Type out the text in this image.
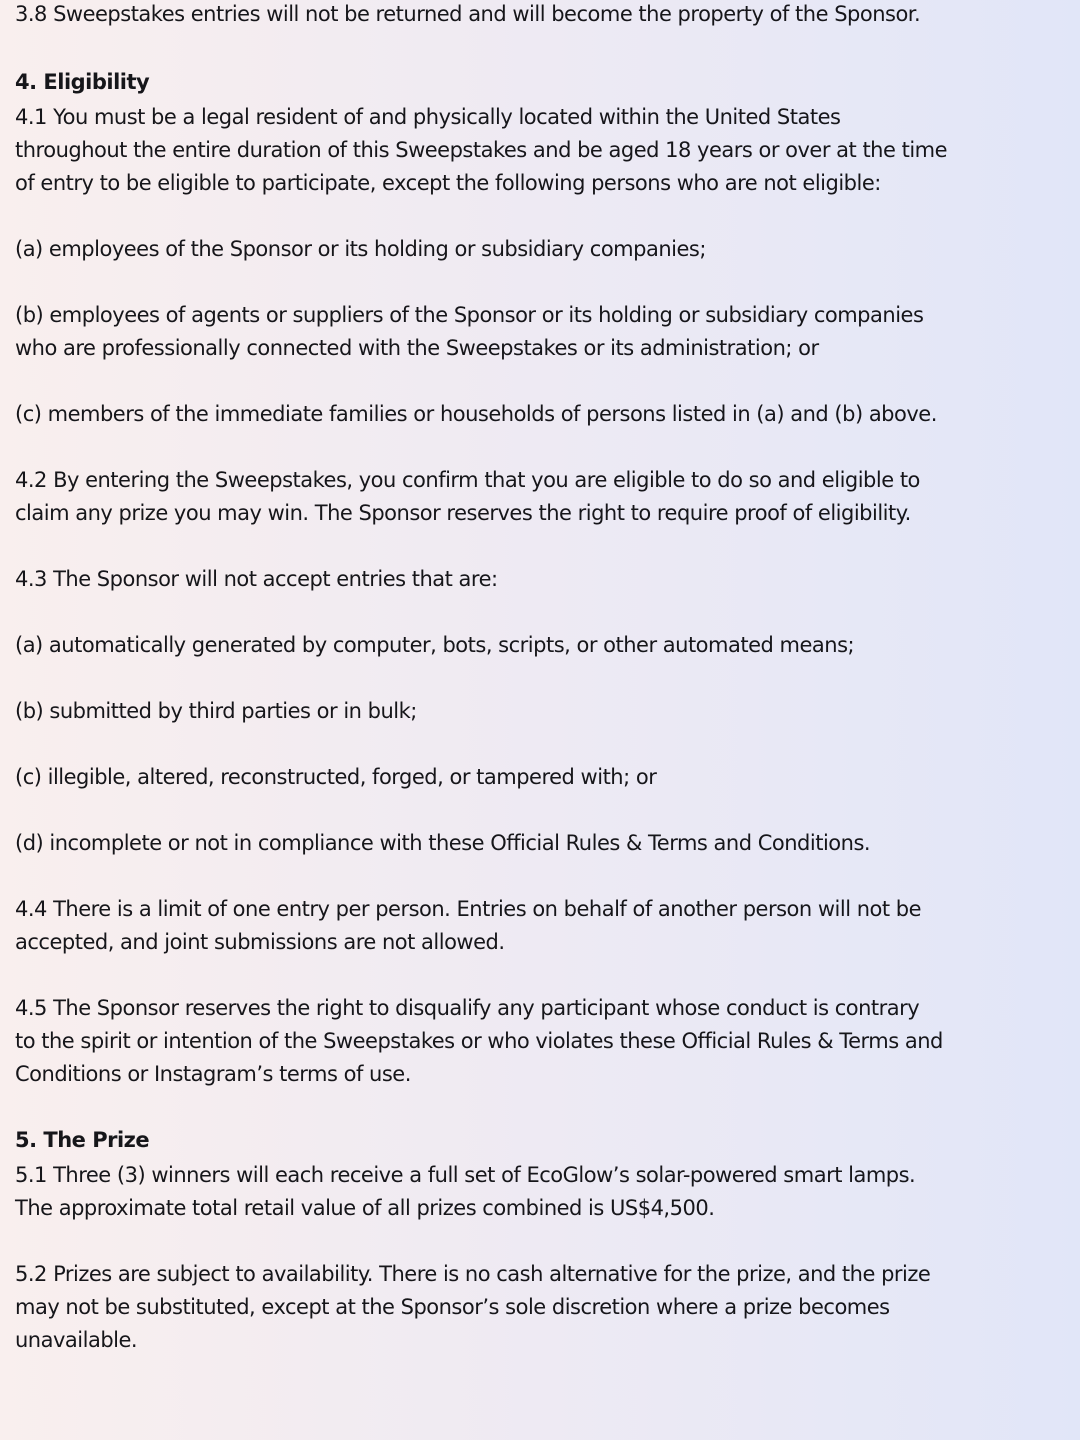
3.8 Sweepstakes entries will not be returned and will become the property of the Sponsor.
4. Eligibility
4.1 You must be a legal resident of and physically located within the United States
throughout the entire duration of this Sweepstakes and be aged 18 years or over at the time
of entry to be eligible to participate, except the following persons who are not eligible:
(a) employees of the Sponsor or its holding or subsidiary companies;
(b) employees of agents or suppliers of the Sponsor or its holding or subsidiary companies
who are professionally connected with the Sweepstakes or its administration; or
(c) members of the immediate families or households of persons listed in (a) and (b) above.
4.2 By entering the Sweepstakes, you confirm that you are eligible to do so and eligible to
claim any prize you may win. The Sponsor reserves the right to require proof of eligibility.
4.3 The Sponsor will not accept entries that are:
(a) automatically generated by computer, bots, scripts, or other automated means;
(b) submitted by third parties or in bulk;
(c) illegible, altered, reconstructed, forged, or tampered with; or
(d) incomplete or not in compliance with these Official Rules & Terms and Conditions.
4.4 There is a limit of one entry per person. Entries on behalf of another person will not be
accepted, and joint submissions are not allowed.
4.5 The Sponsor reserves the right to disqualify any participant whose conduct is contrary
to the spirit or intention of the Sweepstakes or who violates these Official Rules & Terms and
Conditions or Instagram’s terms of use.
5. The Prize
5.1 Three (3) winners will each receive a full set of EcoGlow’s solar-powered smart lamps.
The approximate total retail value of all prizes combined is US$4,500.
5.2 Prizes are subject to availability. There is no cash alternative for the prize, and the prize
may not be substituted, except at the Sponsor’s sole discretion where a prize becomes
unavailable.
